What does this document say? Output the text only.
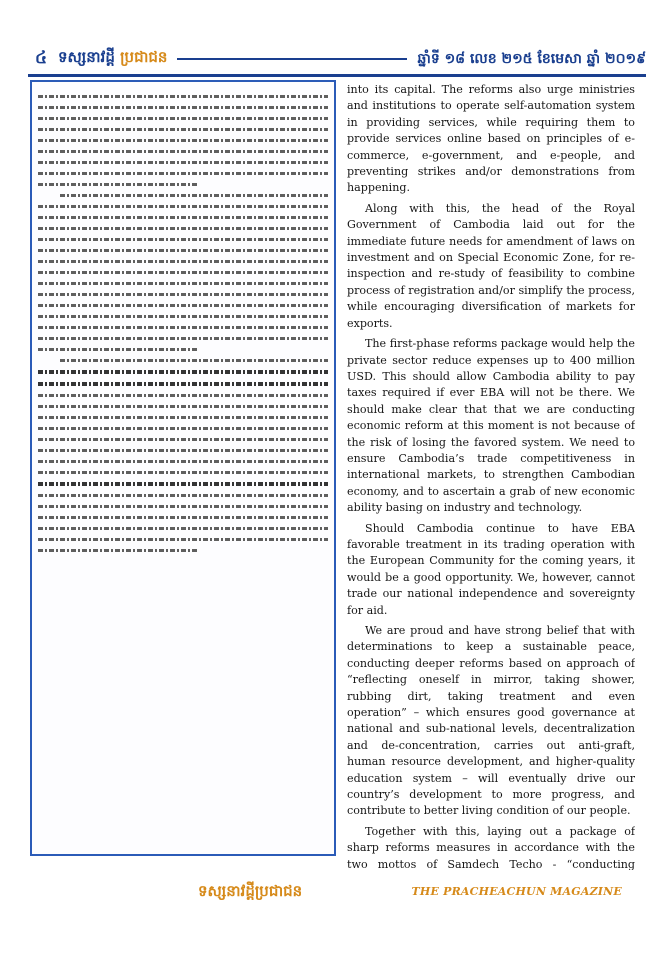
៤ ទស្សនាវដ្ដី ប្រជាជន	ឆ្នាំទី ១៨ លេខ ២១៥ ខែមេសា ឆ្នាំ ២០១៩

into its capital. The reforms also urge ministries and institutions to operate self-automation system in providing services, while requiring them to provide services online based on principles of e-commerce, e-government, and e-people, and preventing strikes and/or demonstrations from happening.

Along with this, the head of the Royal Government of Cambodia laid out for the immediate future needs for amendment of laws on investment and on Special Economic Zone, for re-inspection and re-study of feasibility to combine process of registration and/or simplify the process, while encouraging diversification of markets for exports.

The first-phase reforms package would help the private sector reduce expenses up to 400 million USD. This should allow Cambodia ability to pay taxes required if ever EBA will not be there. We should make clear that that we are conducting economic reform at this moment is not because of the risk of losing the favored system. We need to ensure Cambodia’s trade competitiveness in international markets, to strengthen Cambodian economy, and to ascertain a grab of new economic ability basing on industry and technology.

Should Cambodia continue to have EBA favorable treatment in its trading operation with the European Community for the coming years, it would be a good opportunity. We, however, cannot trade our national independence and sovereignty for aid.

We are proud and have strong belief that with determinations to keep a sustainable peace, conducting deeper reforms based on approach of “reflecting oneself in mirror, taking shower, rubbing dirt, taking treatment and even operation” – which ensures good governance at national and sub-national levels, decentralization and de-concentration, carries out anti-graft, human resource development, and higher-quality education system – will eventually drive our country’s development to more progress, and contribute to better living condition of our people.

Together with this, laying out a package of sharp reforms measures in accordance with the two mottos of Samdech Techo - “conducting

ទស្សនាវដ្ដីប្រជាជន	THE PRACHEACHUN MAGAZINE
